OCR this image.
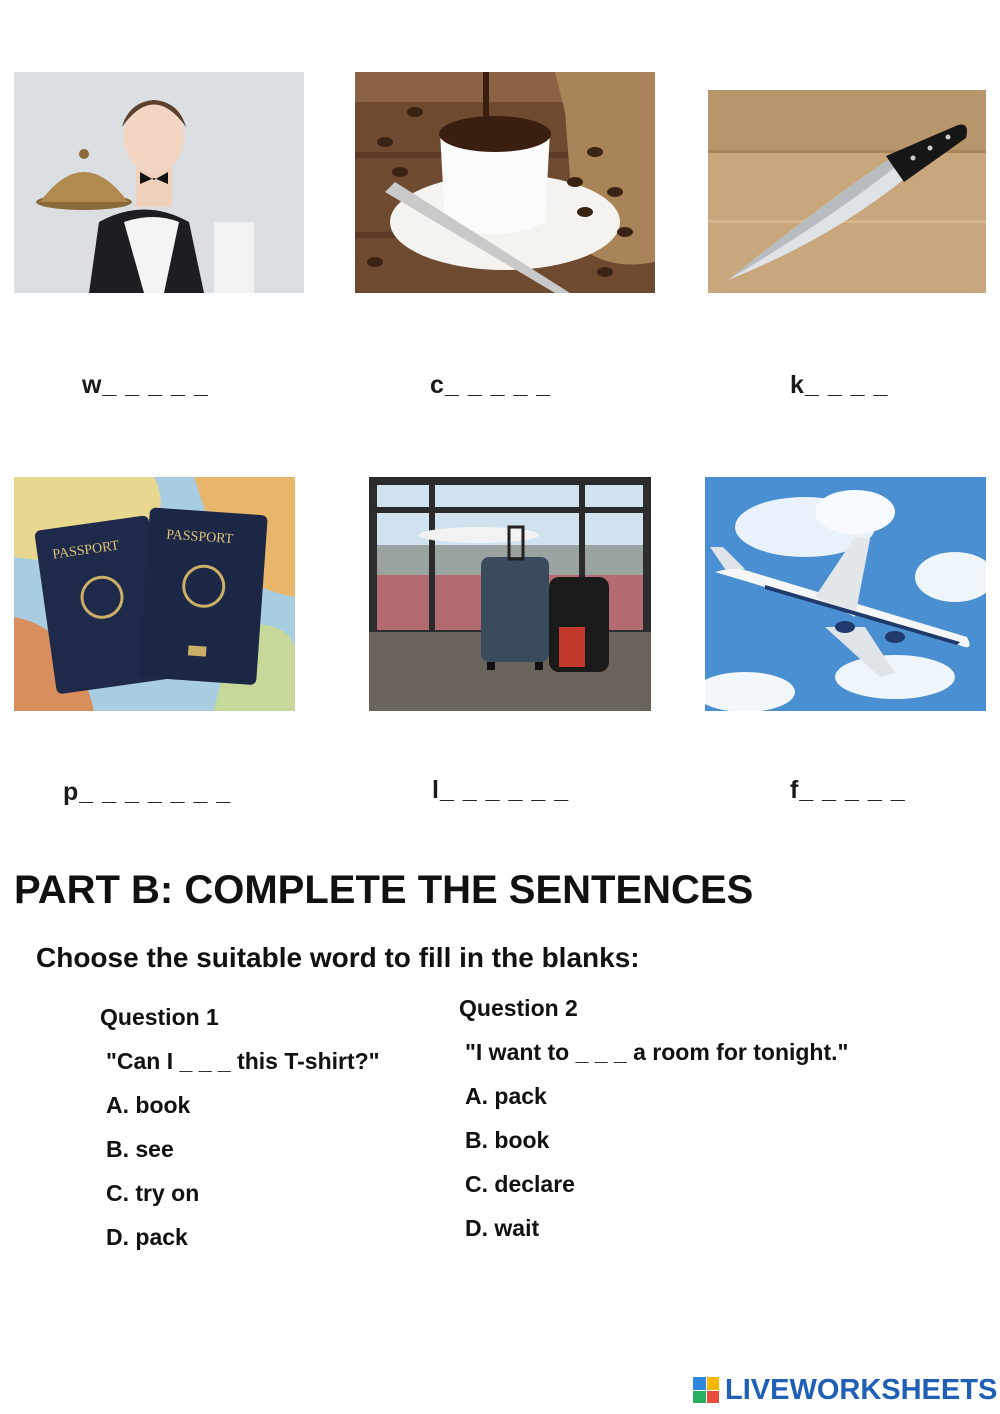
w_ _ _ _ _	c_ _ _ _ _	k_ _ _ _
PASSPORT
PASSPORT
p_ _ _ _ _ _ _	l_ _ _ _ _ _	f_ _ _ _ _
PART B: COMPLETE THE SENTENCES

Choose the suitable word to fill in the blanks:

Question 1
"Can I _ _ _ this T-shirt?"
A. book
B. see
C. try on
D. pack
Question 2
"I want to _ _ _ a room for tonight."
A. pack
B. book
C. declare
D. wait
LIVEWORKSHEETS
